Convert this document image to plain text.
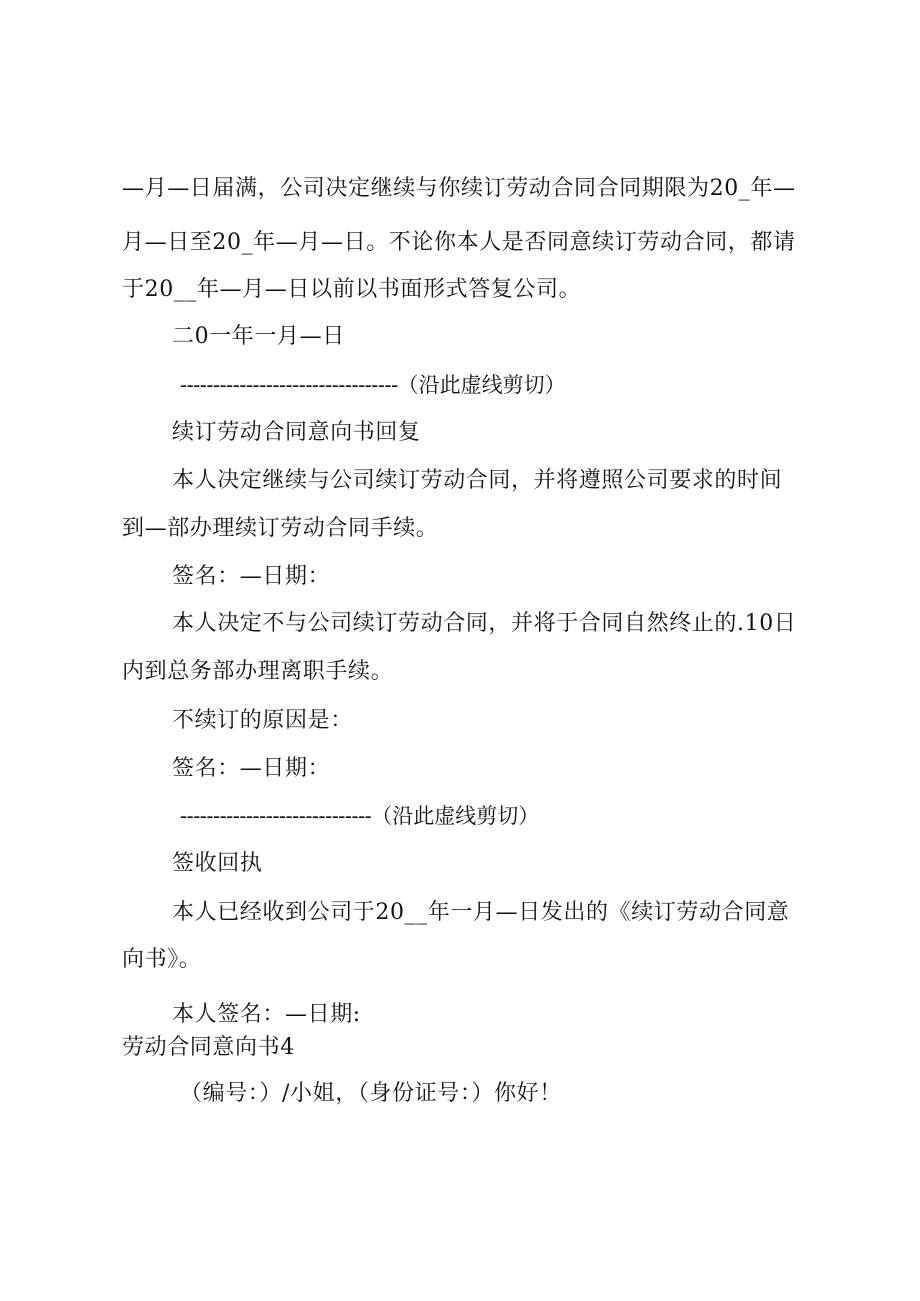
—月—日届满，公司决定继续与你续订劳动合同合同期限为20_年—
月—日至20_年—月—日。不论你本人是否同意续订劳动合同，都请
于20__年—月—日以前以书面形式答复公司。
二0一年一月—日
---------------------------------（沿此虚线剪切）
续订劳动合同意向书回复
本人决定继续与公司续订劳动合同，并将遵照公司要求的时间
到—部办理续订劳动合同手续。
签名：—日期：
本人决定不与公司续订劳动合同，并将于合同自然终止的.10日
内到总务部办理离职手续。
不续订的原因是：
签名：—日期：
-----------------------------（沿此虚线剪切）
签收回执
本人已经收到公司于20__年一月—日发出的《续订劳动合同意
向书》。
本人签名：—日期:
劳动合同意向书4
（编号：）/小姐，（身份证号：）你好！
